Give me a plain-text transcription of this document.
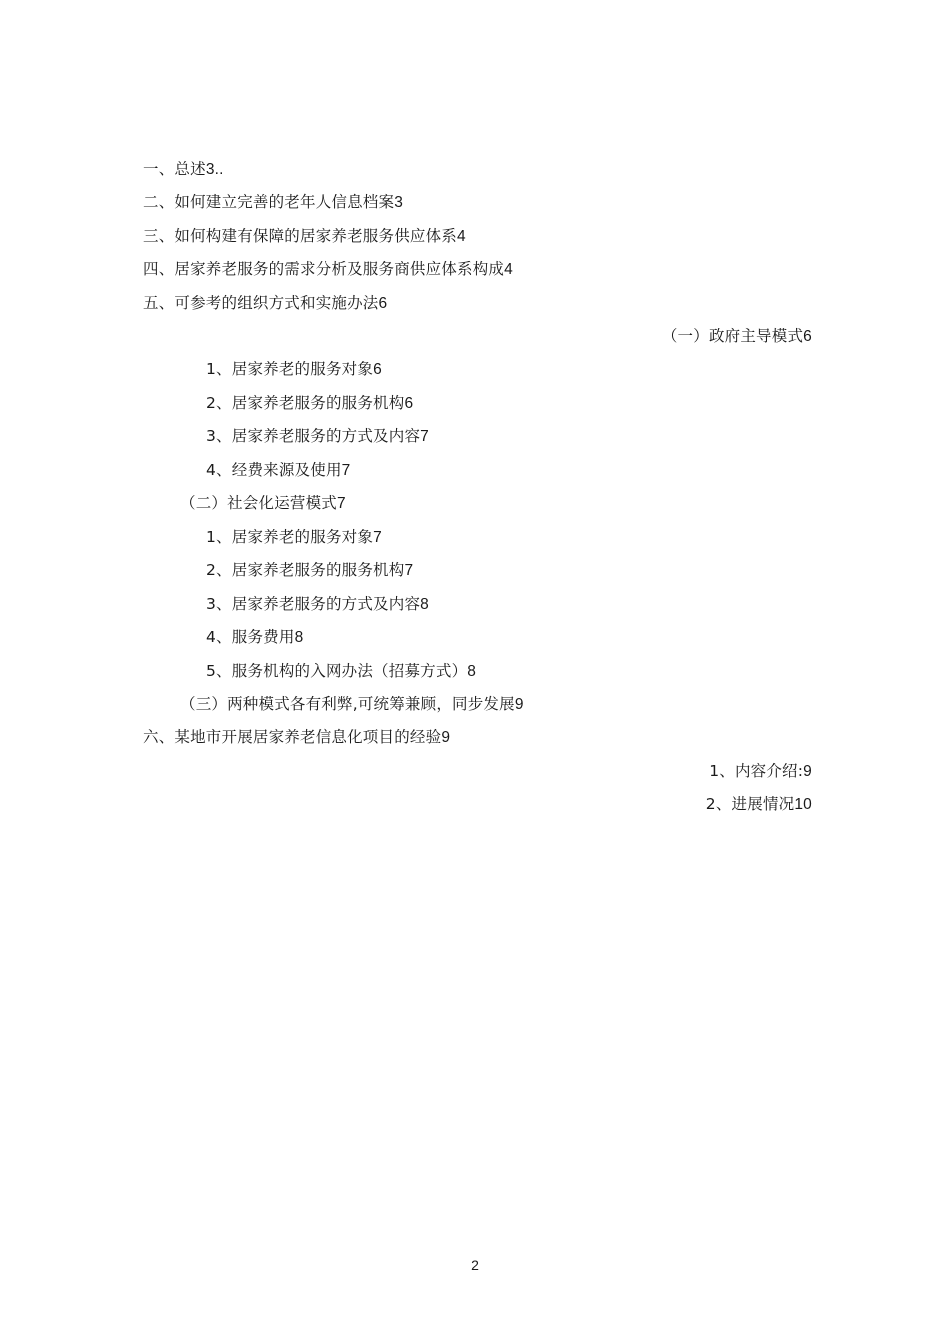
一、总述3..
二、如何建立完善的老年人信息档案3
三、如何构建有保障的居家养老服务供应体系4
四、居家养老服务的需求分析及服务商供应体系构成4
五、可参考的组织方式和实施办法6
（一）政府主导模式6
1、居家养老的服务对象6
2、居家养老服务的服务机构6
3、居家养老服务的方式及内容7
4、经费来源及使用7
（二）社会化运营模式7
1、居家养老的服务对象7
2、居家养老服务的服务机构7
3、居家养老服务的方式及内容8
4、服务费用8
5、服务机构的入网办法（招募方式）8
（三）两种模式各有利弊,可统筹兼顾，同步发展9
六、某地市开展居家养老信息化项目的经验9
1、内容介绍:9
2、进展情况10
2
